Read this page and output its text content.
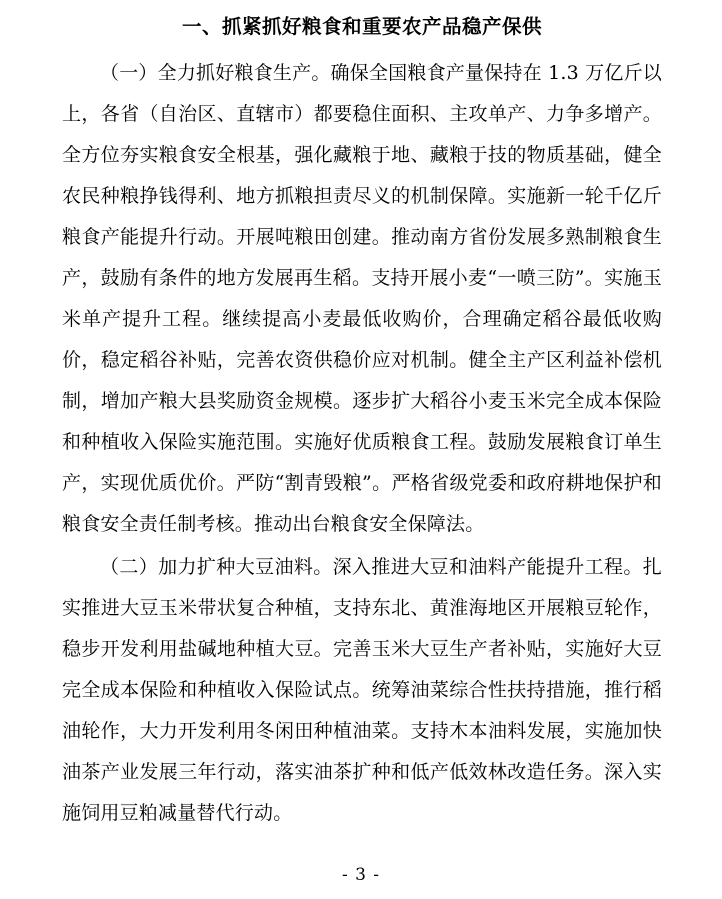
一、抓紧抓好粮食和重要农产品稳产保供

（一）全力抓好粮食生产。确保全国粮食产量保持在 1.3 万亿斤以上，各省（自治区、直辖市）都要稳住面积、主攻单产、力争多增产。全方位夯实粮食安全根基，强化藏粮于地、藏粮于技的物质基础，健全农民种粮挣钱得利、地方抓粮担责尽义的机制保障。实施新一轮千亿斤粮食产能提升行动。开展吨粮田创建。推动南方省份发展多熟制粮食生产，鼓励有条件的地方发展再生稻。支持开展小麦“一喷三防”。实施玉米单产提升工程。继续提高小麦最低收购价，合理确定稻谷最低收购价，稳定稻谷补贴，完善农资供稳价应对机制。健全主产区利益补偿机制，增加产粮大县奖励资金规模。逐步扩大稻谷小麦玉米完全成本保险和种植收入保险实施范围。实施好优质粮食工程。鼓励发展粮食订单生产，实现优质优价。严防“割青毁粮”。严格省级党委和政府耕地保护和粮食安全责任制考核。推动出台粮食安全保障法。

（二）加力扩种大豆油料。深入推进大豆和油料产能提升工程。扎实推进大豆玉米带状复合种植，支持东北、黄淮海地区开展粮豆轮作，稳步开发利用盐碱地种植大豆。完善玉米大豆生产者补贴，实施好大豆完全成本保险和种植收入保险试点。统筹油菜综合性扶持措施，推行稻油轮作，大力开发利用冬闲田种植油菜。支持木本油料发展，实施加快油茶产业发展三年行动，落实油茶扩种和低产低效林改造任务。深入实施饲用豆粕减量替代行动。

- 3 -
